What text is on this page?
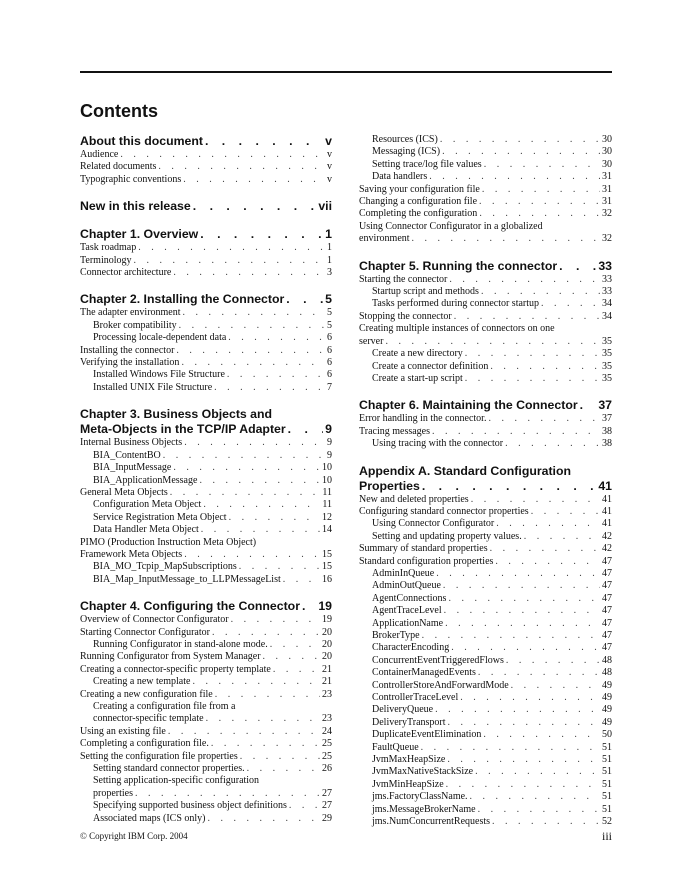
Contents
About this document . . .	v
Audience . . .	v
Related documents . . .	v
Typographic conventions . . .	v
New in this release . . .	vii
Chapter 1. Overview . . .	1
Task roadmap . . .	1
Terminology . . .	1
Connector architecture . . .	3
Chapter 2. Installing the Connector . . .	5
The adapter environment . . .	5
Broker compatibility . . .	5
Processing locale-dependent data . . .	6
Installing the connector . . .	6
Verifying the installation . . .	6
Installed Windows File Structure . . .	6
Installed UNIX File Structure . . .	7
Chapter 3. Business Objects and
Meta-Objects in the TCP/IP Adapter . . .	9
Internal Business Objects . . .	9
BIA_ContentBO . . .	9
BIA_InputMessage . . .	10
BIA_ApplicationMessage . . .	10
General Meta Objects . . .	11
Configuration Meta Object . . .	11
Service Registration Meta Object . . .	12
Data Handler Meta Object . . .	14
PIMO (Production Instruction Meta Object)
Framework Meta Objects . . .	15
BIA_MO_Tcpip_MapSubscriptions . . .	15
BIA_Map_InputMessage_to_LLPMessageList . . .	16
Chapter 4. Configuring the Connector . . . 19
Overview of Connector Configurator . . .	19
Starting Connector Configurator . . .	20
Running Configurator in stand-alone mode. . . .	20
Running Configurator from System Manager . . .	20
Creating a connector-specific property template . . .	21
Creating a new template . . .	21
Creating a new configuration file . . .	23
Creating a configuration file from a
connector-specific template . . .	23
Using an existing file . . .	24
Completing a configuration file. . . .	25
Setting the configuration file properties . . .	25
Setting standard connector properties. . . .	26
Setting application-specific configuration
properties . . .	27
Specifying supported business object definitions . . .	27
Associated maps (ICS only) . . .	29
Resources (ICS) . . .	30
Messaging (ICS) . . .	30
Setting trace/log file values . . .	30
Data handlers . . .	31
Saving your configuration file . . .	31
Changing a configuration file . . .	31
Completing the configuration . . .	32
Using Connector Configurator in a globalized
environment . . .	32
Chapter 5. Running the connector . . .	33
Starting the connector . . .	33
Startup script and methods . . .	33
Tasks performed during connector startup . . .	34
Stopping the connector . . .	34
Creating multiple instances of connectors on one
server . . .	35
Create a new directory . . .	35
Create a connector definition . . .	35
Create a start-up script . . .	35
Chapter 6. Maintaining the Connector . . . 37
Error handling in the connector. . . .	37
Tracing messages . . .	38
Using tracing with the connector . . .	38
Appendix A. Standard Configuration
Properties . . .	41
New and deleted properties . . .	41
Configuring standard connector properties . . .	41
Using Connector Configurator . . .	41
Setting and updating property values. . . .	42
Summary of standard properties . . .	42
Standard configuration properties . . .	47
AdminInQueue . . .	47
AdminOutQueue . . .	47
AgentConnections . . .	47
AgentTraceLevel . . .	47
ApplicationName . . .	47
BrokerType . . .	47
CharacterEncoding . . .	47
ConcurrentEventTriggeredFlows . . .	48
ContainerManagedEvents . . .	48
ControllerStoreAndForwardMode . . .	49
ControllerTraceLevel . . .	49
DeliveryQueue . . .	49
DeliveryTransport . . .	49
DuplicateEventElimination . . .	50
FaultQueue . . .	51
JvmMaxHeapSize . . .	51
JvmMaxNativeStackSize . . .	51
JvmMinHeapSize . . .	51
jms.FactoryClassName. . . .	51
jms.MessageBrokerName . . .	51
jms.NumConcurrentRequests . . .	52
© Copyright IBM Corp. 2004	iii
